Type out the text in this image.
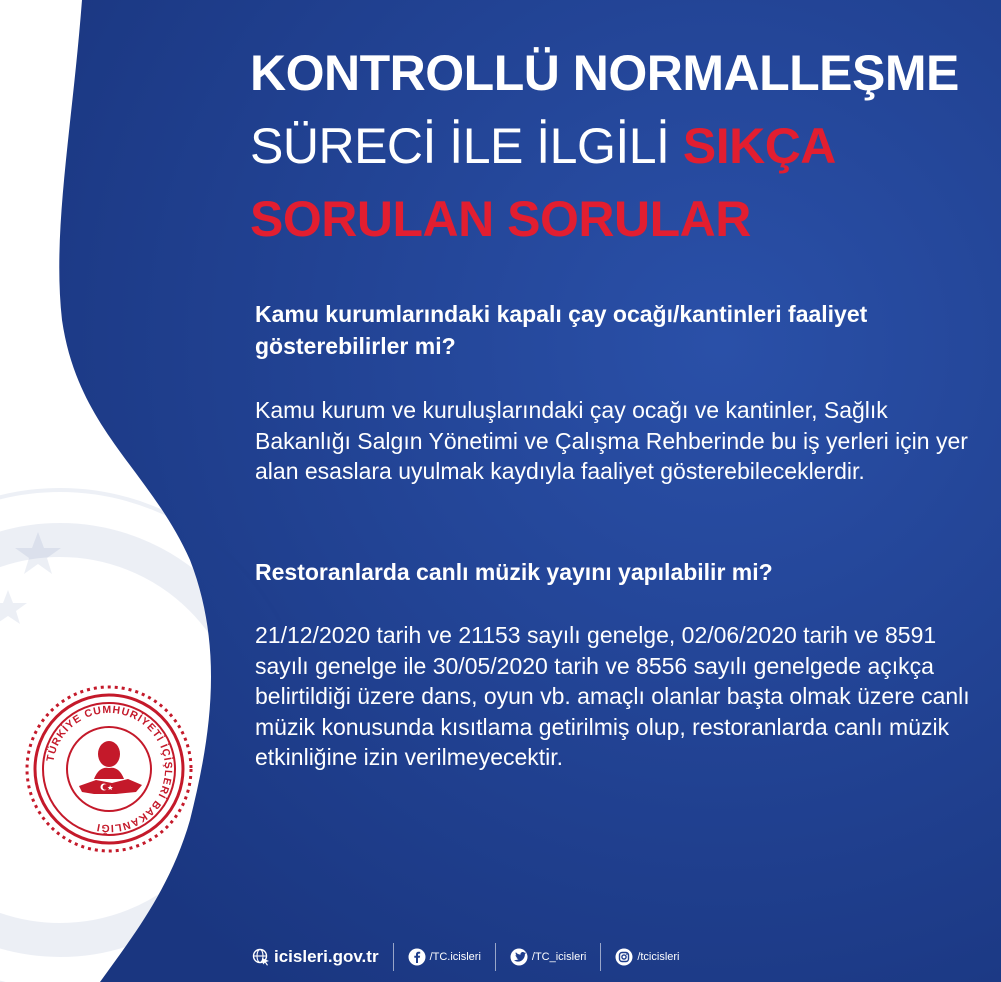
TÜRKİYE CUMHURİYETİ İÇİŞLERİ BAKANLIĞI
KONTROLLÜ NORMALLEŞME
SÜRECİ İLE İLGİLİ SIKÇA
SORULAN SORULAR

Kamu kurumlarındaki kapalı çay ocağı/kantinleri faaliyet gösterebilirler mi?

Kamu kurum ve kuruluşlarındaki çay ocağı ve kantinler, Sağlık Bakanlığı Salgın Yönetimi ve Çalışma Rehberinde bu iş yerleri için yer alan esaslara uyulmak kaydıyla faaliyet gösterebileceklerdir.

Restoranlarda canlı müzik yayını yapılabilir mi?

21/12/2020 tarih ve 21153 sayılı genelge, 02/06/2020 tarih ve 8591 sayılı genelge ile 30/05/2020 tarih ve 8556 sayılı genelgede açıkça belirtildiği üzere dans, oyun vb. amaçlı olanlar başta olmak üzere canlı müzik konusunda kısıtlama getirilmiş olup, restoranlarda canlı müzik etkinliğine izin verilmeyecektir.

icisleri.gov.tr	/TC.icisleri	/TC_icisleri	/tcicisleri
